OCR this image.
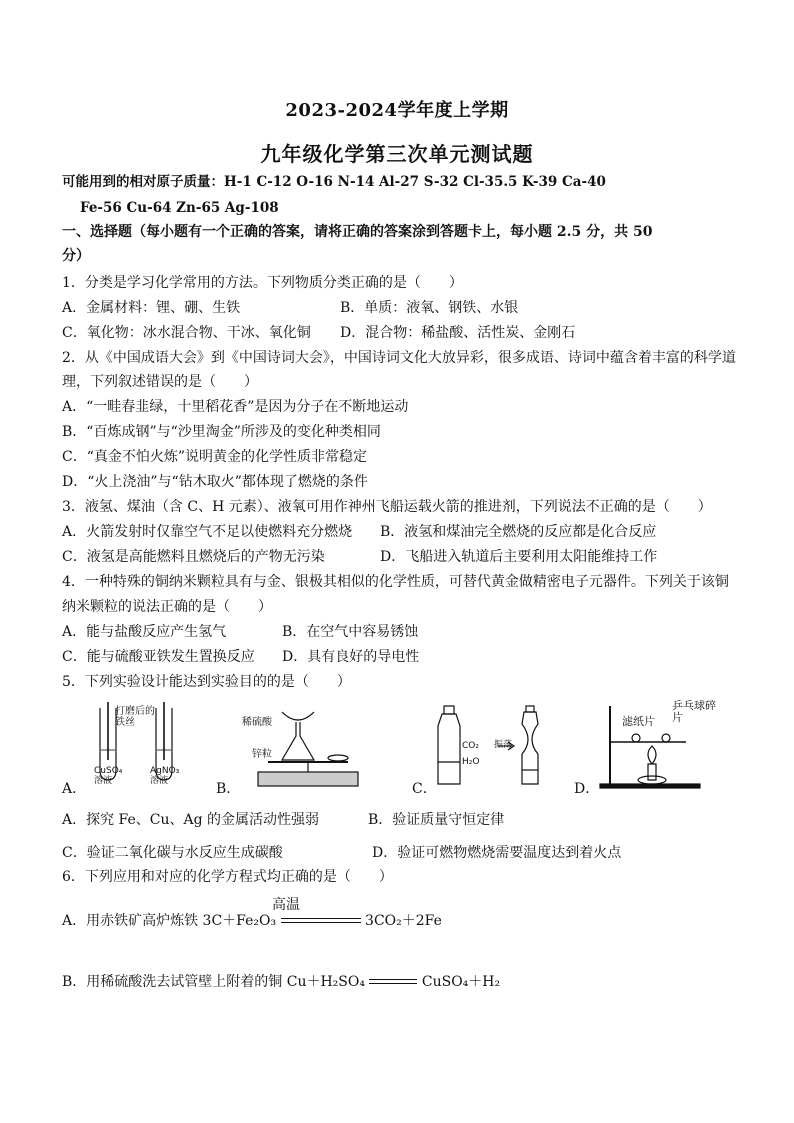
2023-2024学年度上学期
九年级化学第三次单元测试题
可能用到的相对原子质量：H-1 C-12 O-16 N-14 Al-27 S-32 Cl-35.5 K-39 Ca-40
Fe-56 Cu-64 Zn-65 Ag-108
一、选择题（每小题有一个正确的答案，请将正确的答案涂到答题卡上，每小题 2.5 分，共 50
分）
1．分类是学习化学常用的方法。下列物质分类正确的是（　　）
A．金属材料：锂、硼、生铁	B．单质：液氧、钢铁、水银
C．氧化物：冰水混合物、干冰、氧化铜 D．混合物：稀盐酸、活性炭、金刚石
2．从《中国成语大会》到《中国诗词大会》，中国诗词文化大放异彩，很多成语、诗词中蕴含着丰富的科学道
理，下列叙述错误的是（　　）
A．“一畦春韭绿，十里稻花香”是因为分子在不断地运动
B．“百炼成钢”与“沙里淘金”所涉及的变化种类相同
C．“真金不怕火炼”说明黄金的化学性质非常稳定
D．“火上浇油”与“钻木取火”都体现了燃烧的条件
3．液氢、煤油（含 C、H 元素）、液氧可用作神州飞船运载火箭的推进剂，下列说法不正确的是（　　）
A．火箭发射时仅靠空气不足以使燃料充分燃烧 B．液氢和煤油完全燃烧的反应都是化合反应
C．液氢是高能燃料且燃烧后的产物无污染	D．飞船进入轨道后主要利用太阳能维持工作
4．一种特殊的铜纳米颗粒具有与金、银极其相似的化学性质，可替代黄金做精密电子元器件。下列关于该铜
纳米颗粒的说法正确的是（　　）
A．能与盐酸反应产生氢气	B．在空气中容易锈蚀
C．能与硫酸亚铁发生置换反应 D．具有良好的导电性
5．下列实验设计能达到实验目的的是（　　）
A．
打磨后的铁丝
CuSO₄溶液
AgNO₃溶液	B．
稀硫酸
锌粒
C．
CO₂
H₂O
振荡
D．
滤纸片
乒乓球碎片
A．探究 Fe、Cu、Ag 的金属活动性强弱	B．验证质量守恒定律
C．验证二氧化碳与水反应生成碳酸	D．验证可燃物燃烧需要温度达到着火点
6．下列应用和对应的化学方程式均正确的是（　　）
A．用赤铁矿高炉炼铁 3C＋Fe₂O₃	3CO₂＋2Fe
高温
B．用稀硫酸洗去试管壁上附着的铜 Cu＋H₂SO₄	CuSO₄＋H₂
